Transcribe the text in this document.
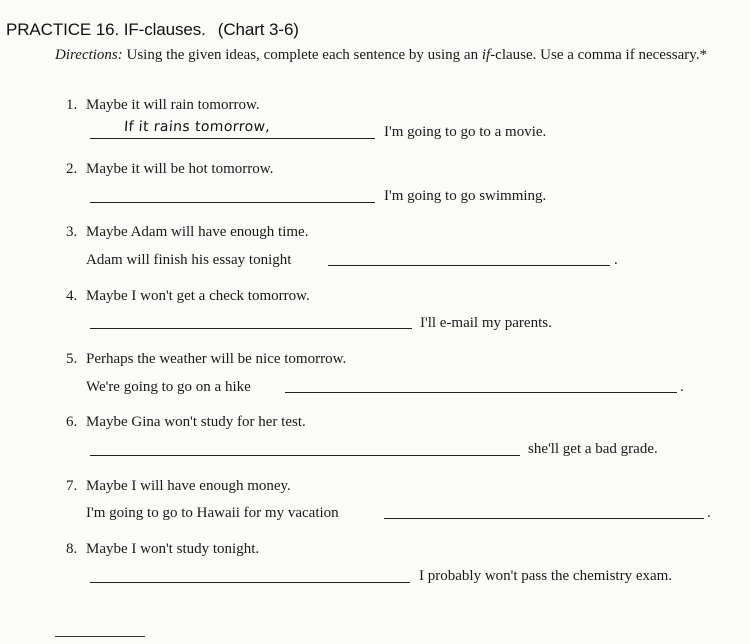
PRACTICE 16. IF-clauses. (Chart 3-6)
Directions: Using the given ideas, complete each sentence by using an if-clause. Use a comma if necessary.*
1. Maybe it will rain tomorrow.
If it rains tomorrow,	I'm going to go to a movie.
2. Maybe it will be hot tomorrow.
I'm going to go swimming.
3. Maybe Adam will have enough time.
Adam will finish his essay tonight	.
4. Maybe I won't get a check tomorrow.
I'll e-mail my parents.
5. Perhaps the weather will be nice tomorrow.
We're going to go on a hike	.
6. Maybe Gina won't study for her test.
she'll get a bad grade.
7. Maybe I will have enough money.
I'm going to go to Hawaii for my vacation	.
8. Maybe I won't study tonight.
I probably won't pass the chemistry exam.
